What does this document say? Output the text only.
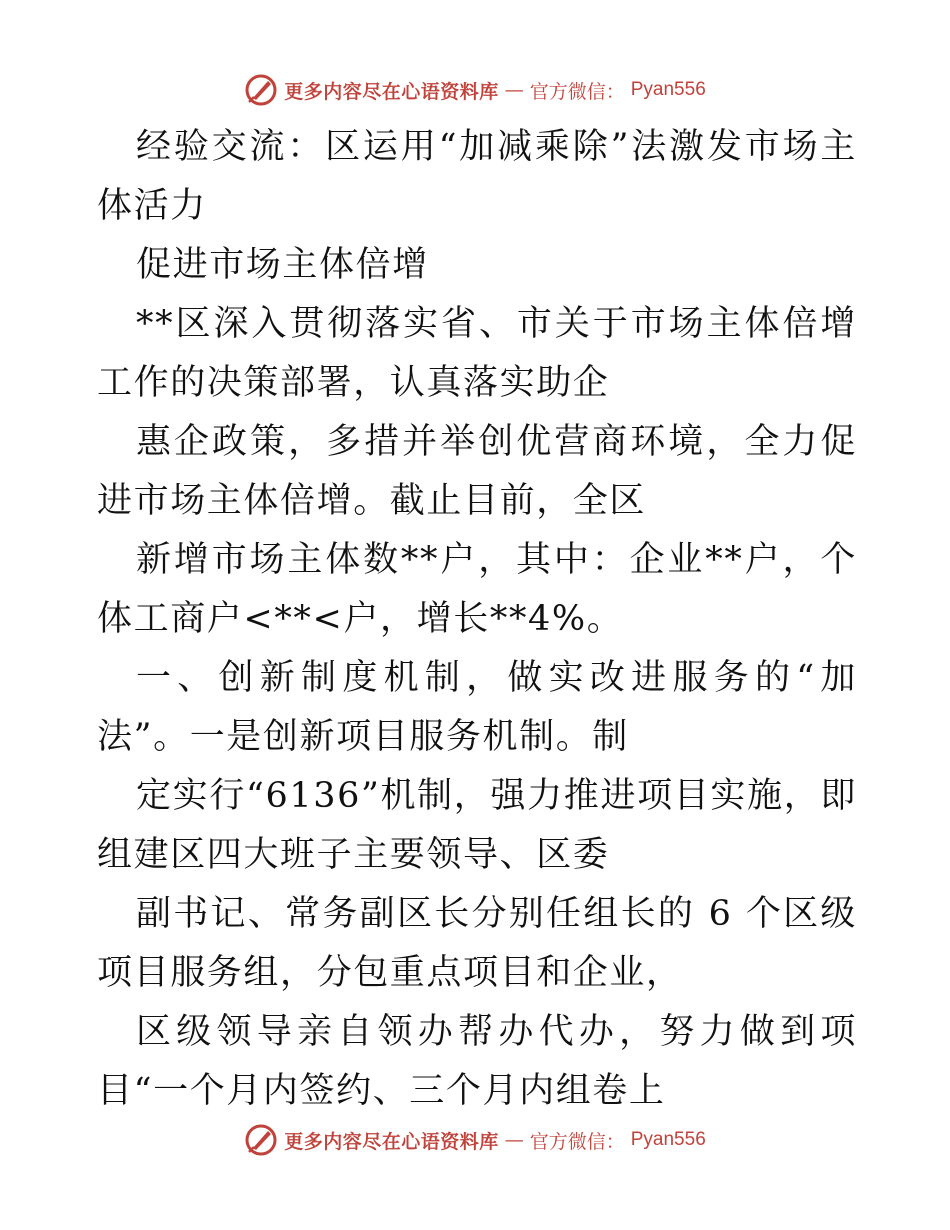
更多内容尽在心语资料库 — 官方微信： Pyan556

经验交流：区运用“加减乘除”法激发市场主体活力

促进市场主体倍增

**区深入贯彻落实省、市关于市场主体倍增工作的决策部署，认真落实助企

惠企政策，多措并举创优营商环境，全力促进市场主体倍增。截止目前，全区

新增市场主体数**户，其中：企业**户，个体工商户<**<户，增长**4%。

一、创新制度机制，做实改进服务的“加法”。一是创新项目服务机制。制

定实行“6136”机制，强力推进项目实施，即组建区四大班子主要领导、区委

副书记、常务副区长分别任组长的 6 个区级项目服务组，分包重点项目和企业，

区级领导亲自领办帮办代办，努力做到项目“一个月内签约、三个月内组卷上

更多内容尽在心语资料库 — 官方微信： Pyan556
